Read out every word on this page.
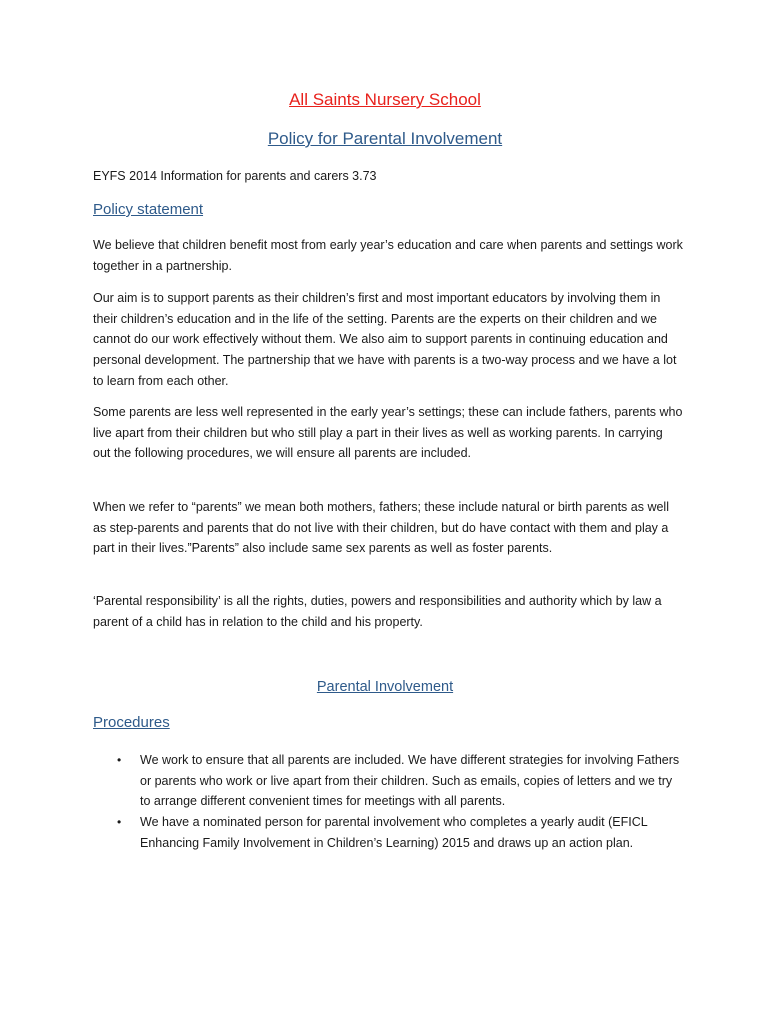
All Saints Nursery School
Policy for Parental Involvement
EYFS 2014 Information for parents and carers 3.73
Policy statement
We believe that children benefit most from early year’s education and care when parents and settings work together in a partnership.
Our aim is to support parents as their children’s first and most important educators by involving them in their children’s education and in the life of the setting. Parents are the experts on their children and we cannot do our work effectively without them. We also aim to support parents in continuing education and personal development. The partnership that we have with parents is a two-way process and we have a lot to learn from each other.
Some parents are less well represented in the early year’s settings; these can include fathers, parents who live apart from their children but who still play a part in their lives as well as working parents. In carrying out the following procedures, we will ensure all parents are included.
When we refer to “parents” we mean both mothers, fathers; these include natural or birth parents as well as step-parents and parents that do not live with their children, but do have contact with them and play a part in their lives.”Parents” also include same sex parents as well as foster parents.
‘Parental responsibility’ is all the rights, duties, powers and responsibilities and authority which by law a parent of a child has in relation to the child and his property.
Parental Involvement
Procedures
• We work to ensure that all parents are included. We have different strategies for involving Fathers or parents who work or live apart from their children. Such as emails, copies of letters and we try to arrange different convenient times for meetings with all parents.
• We have a nominated person for parental involvement who completes a yearly audit (EFICL Enhancing Family Involvement in Children’s Learning) 2015 and draws up an action plan.
